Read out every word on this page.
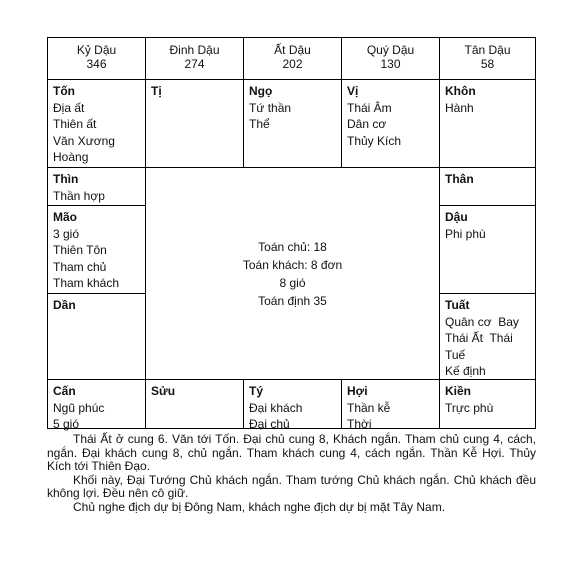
Kỷ Dậu
346
Đinh Dậu
274
Ất Dậu
202
Quý Dậu
130
Tân Dậu
58
Tốn
Địa ất
Thiên ất
Văn Xương
Hoàng
Tị	Ngọ
Tứ thần
Thể
Vị
Thái Âm
Dân cơ
Thủy Kích
Khôn
Hành
Thìn
Thần hợp
Mão
3 gió
Thiên Tôn
Tham chủ
Tham khách
Dần
Toán chủ: 18
Toán khách: 8 đơn
8 gió
Toán định 35
Thân
Dậu
Phi phù
Tuất
Quân cơ  Bay
Thái Ất  Thái
Tuế
Kế định
Cấn
Ngũ phúc
5 gió
Sửu	Tý
Đại khách
Đại chủ
Hợi
Thần kễ
Thời
Kiền
Trực phù

Thái Ất ở cung 6. Văn tới Tốn. Đại chủ cung 8, Khách ngắn. Tham chủ cung 4, cách, ngắn. Đại khách cung 8, chủ ngắn. Tham khách cung 4, cách ngắn. Thần Kễ Hợi. Thủy Kích tới Thiên Đạo.

Khối này, Đại Tướng Chủ khách ngắn. Tham tướng Chủ khách ngắn. Chủ khách đều không lợi. Đều nên cô giữ.

Chủ nghe địch dự bị Đông Nam, khách nghe địch dự bị mặt Tây Nam.
